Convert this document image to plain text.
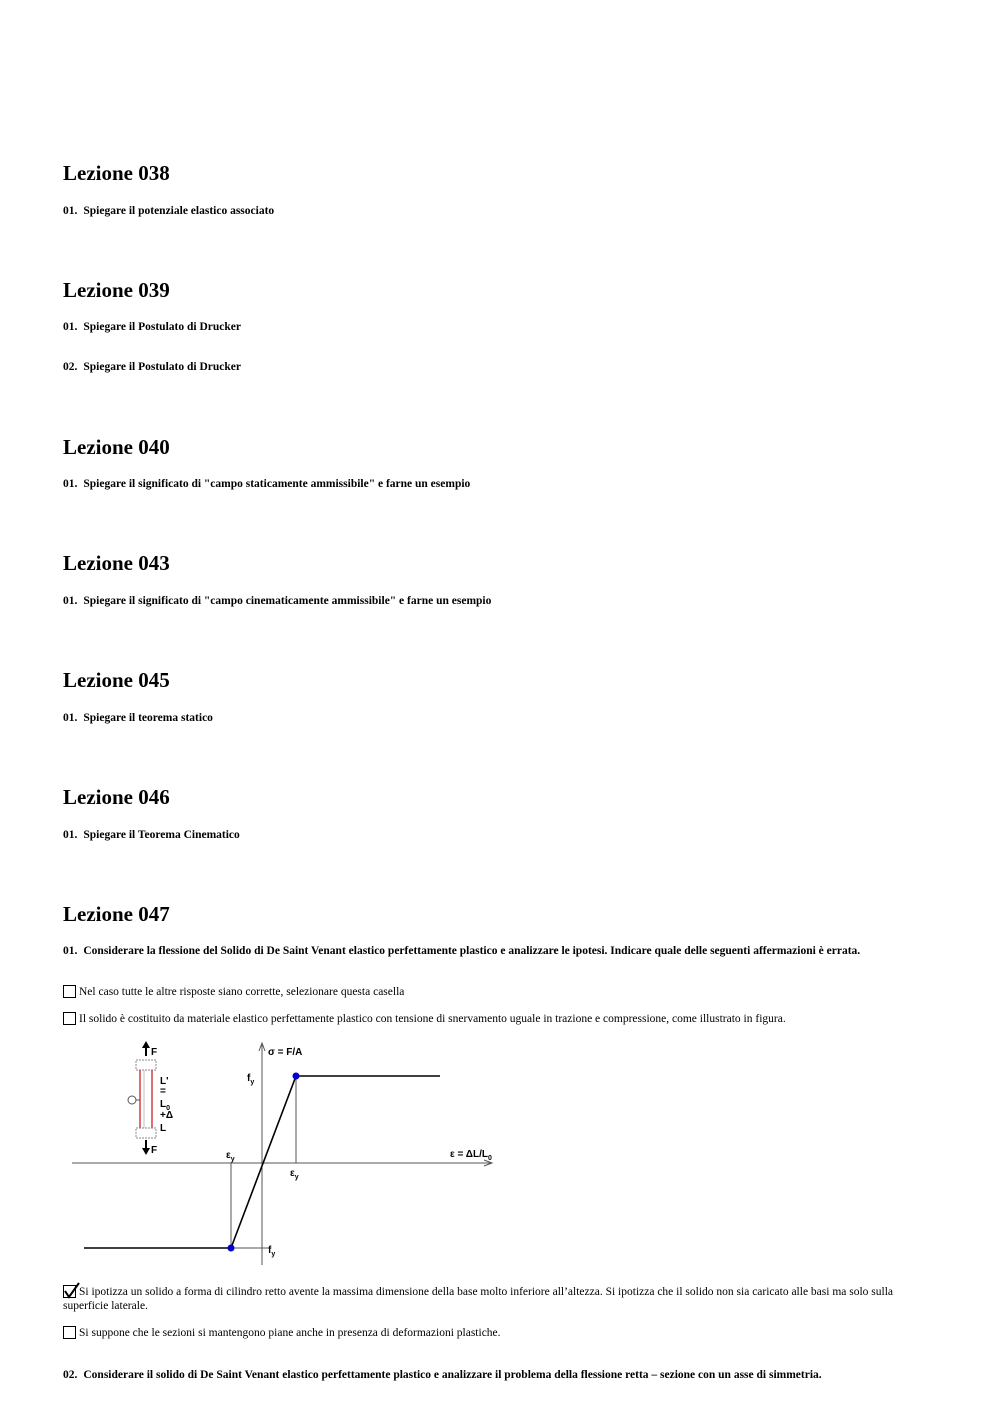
Lezione 038

01. Spiegare il potenziale elastico associato

Lezione 039

01. Spiegare il Postulato di Drucker

02. Spiegare il Postulato di Drucker

Lezione 040

01. Spiegare il significato di "campo staticamente ammissibile" e farne un esempio

Lezione 043

01. Spiegare il significato di "campo cinematicamente ammissibile" e farne un esempio

Lezione 045

01. Spiegare il teorema statico

Lezione 046

01. Spiegare il Teorema Cinematico

Lezione 047

01. Considerare la flessione del Solido di De Saint Venant elastico perfettamente plastico e analizzare le ipotesi. Indicare quale delle seguenti affermazioni è errata.

Nel caso tutte le altre risposte siano corrette, selezionare questa casella

Il solido è costituito da materiale elastico perfettamente plastico con tensione di snervamento uguale in trazione e compressione, come illustrato in figura.

F
F
L'
=
$L_0$
+Δ
L
σ = F/A
$\varepsilon = \Delta L/L_0$
$f_y$
$f_y$
$\varepsilon_y$
$\varepsilon_y$

Si ipotizza un solido a forma di cilindro retto avente la massima dimensione della base molto inferiore all’altezza. Si ipotizza che il solido non sia caricato alle basi ma solo sulla superficie laterale.

Si suppone che le sezioni si mantengono piane anche in presenza di deformazioni plastiche.

02. Considerare il solido di De Saint Venant elastico perfettamente plastico e analizzare il problema della flessione retta – sezione con un asse di simmetria.
